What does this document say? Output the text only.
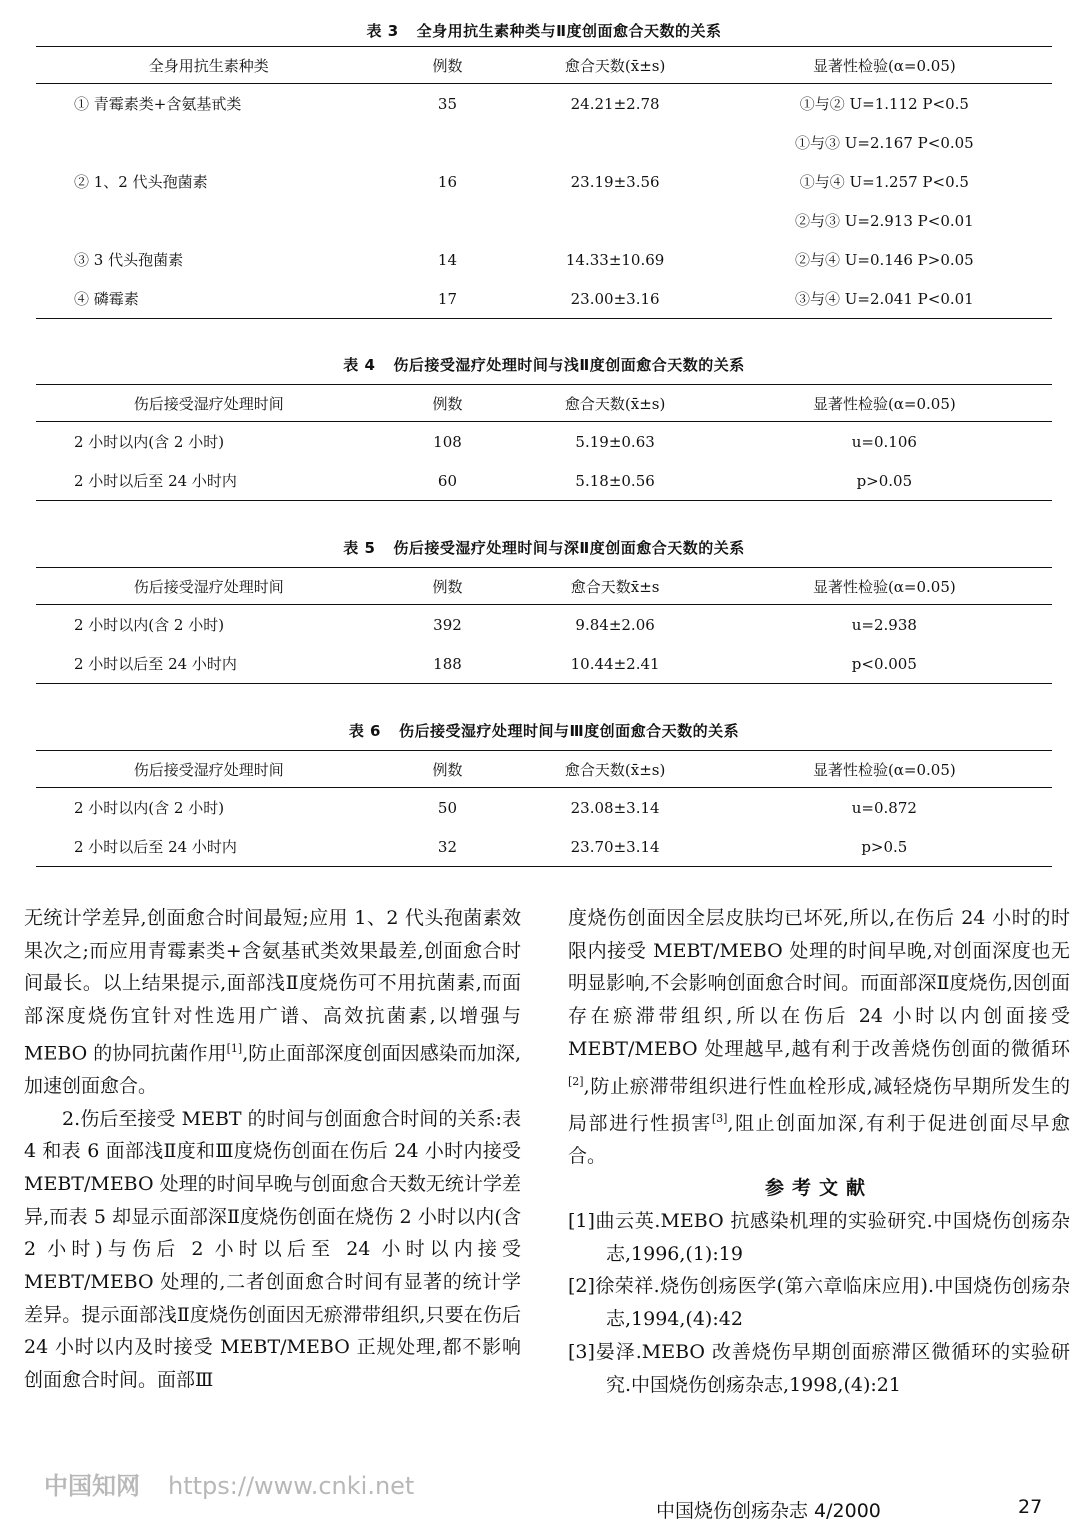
表 3 全身用抗生素种类与Ⅱ度创面愈合天数的关系
全身用抗生素种类	例数	愈合天数(x̄±s)	显著性检验(α=0.05)
① 青霉素类+含氨基甙类	35	24.21±2.78	①与② U=1.112 P<0.5
			①与③ U=2.167 P<0.05
② 1、2 代头孢菌素	16	23.19±3.56	①与④ U=1.257 P<0.5
			②与③ U=2.913 P<0.01
③ 3 代头孢菌素	14	14.33±10.69	②与④ U=0.146 P>0.05
④ 磷霉素	17	23.00±3.16	③与④ U=2.041 P<0.01
表 4 伤后接受湿疗处理时间与浅Ⅱ度创面愈合天数的关系
伤后接受湿疗处理时间	例数	愈合天数(x̄±s)	显著性检验(α=0.05)
2 小时以内(含 2 小时)	108	5.19±0.63	u=0.106
2 小时以后至 24 小时内	60	5.18±0.56	p>0.05
表 5 伤后接受湿疗处理时间与深Ⅱ度创面愈合天数的关系
伤后接受湿疗处理时间	例数	愈合天数x̄±s	显著性检验(α=0.05)
2 小时以内(含 2 小时)	392	9.84±2.06	u=2.938
2 小时以后至 24 小时内	188	10.44±2.41	p<0.005
表 6 伤后接受湿疗处理时间与Ⅲ度创面愈合天数的关系
伤后接受湿疗处理时间	例数	愈合天数(x̄±s)	显著性检验(α=0.05)
2 小时以内(含 2 小时)	50	23.08±3.14	u=0.872
2 小时以后至 24 小时内	32	23.70±3.14	p>0.5

无统计学差异,创面愈合时间最短;应用 1、2 代头孢菌素效果次之;而应用青霉素类+含氨基甙类效果最差,创面愈合时间最长。以上结果提示,面部浅Ⅱ度烧伤可不用抗菌素,而面部深度烧伤宜针对性选用广谱、高效抗菌素,以增强与 MEBO 的协同抗菌作用[1],防止面部深度创面因感染而加深,加速创面愈合。

2.伤后至接受 MEBT 的时间与创面愈合时间的关系:表 4 和表 6 面部浅Ⅱ度和Ⅲ度烧伤创面在伤后 24 小时内接受 MEBT/MEBO 处理的时间早晚与创面愈合天数无统计学差异,而表 5 却显示面部深Ⅱ度烧伤创面在烧伤 2 小时以内(含 2 小时)与伤后 2 小时以后至 24 小时以内接受 MEBT/MEBO 处理的,二者创面愈合时间有显著的统计学差异。提示面部浅Ⅱ度烧伤创面因无瘀滞带组织,只要在伤后 24 小时以内及时接受 MEBT/MEBO 正规处理,都不影响创面愈合时间。面部Ⅲ

度烧伤创面因全层皮肤均已坏死,所以,在伤后 24 小时的时限内接受 MEBT/MEBO 处理的时间早晚,对创面深度也无明显影响,不会影响创面愈合时间。而面部深Ⅱ度烧伤,因创面存在瘀滞带组织,所以在伤后 24 小时以内创面接受 MEBT/MEBO 处理越早,越有利于改善烧伤创面的微循环[2],防止瘀滞带组织进行性血栓形成,减轻烧伤早期所发生的局部进行性损害[3],阻止创面加深,有利于促进创面尽早愈合。

参考文献

[1]曲云英.MEBO 抗感染机理的实验研究.中国烧伤创疡杂志,1996,(1):19

[2]徐荣祥.烧伤创疡医学(第六章临床应用).中国烧伤创疡杂志,1994,(4):42

[3]晏泽.MEBO 改善烧伤早期创面瘀滞区微循环的实验研究.中国烧伤创疡杂志,1998,(4):21

中国知网 https://www.cnki.net
中国烧伤创疡杂志 4/2000	27
